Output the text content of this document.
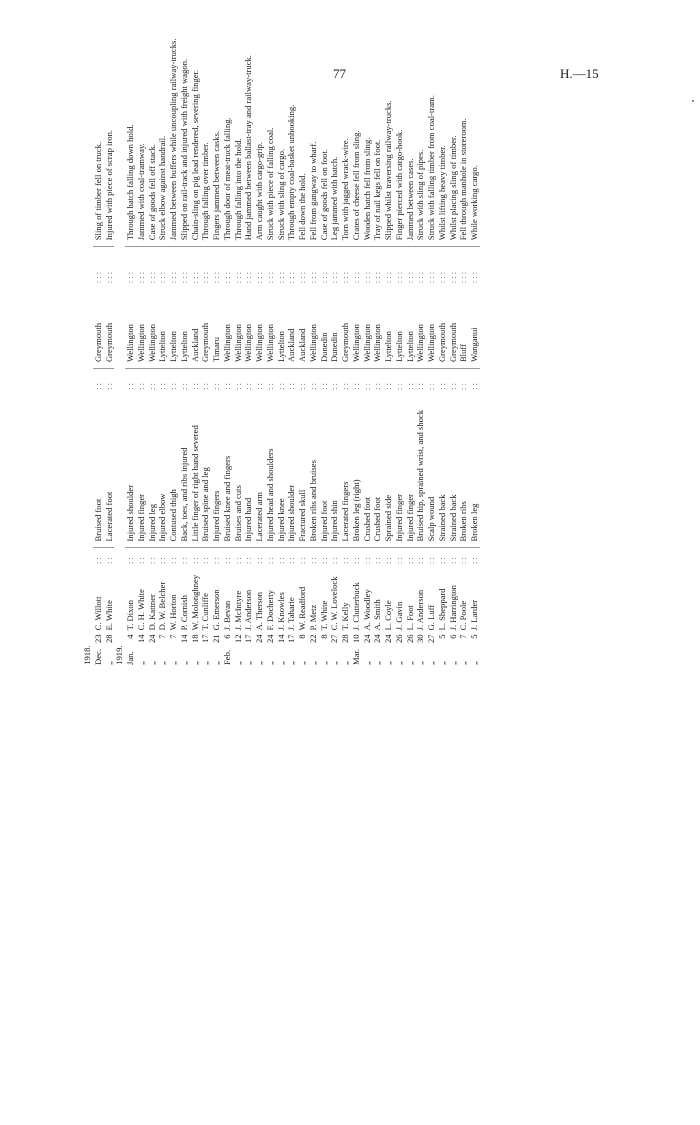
77	H.—15
1918.								
Dec.	23	C. Willott	: :	Bruised foot	: :	Greymouth	: : :	Sling of timber fell on truck.
„	28	E. White	: :	Lacerated foot	: :	Greymouth	: : :	Injured with piece of scrap iron.
1919.								
Jan.	4	T. Dixon	: :	Injured shoulder	: :	Wellington	: : :	Through hatch falling down hold.
„	14	C. H. White	: :	Injured finger	: :	Wellington	: : :	Jammed with coal-tramway.
„	24	D. Kattner	: :	Injured leg	: :	Wellington	: : :	Case of goods fell off stack.
„	7	D. W. Belcher	: :	Injured elbow	: :	Lyttelton	: : :	Struck elbow against handrail.
„	7	W. Horton	: :	Contused thigh	: :	Lyttelton	: : :	Jammed between buffers while uncoupling railway-trucks.
„	14	P. Cornish	: :	Back, toes, and ribs injured	: :	Lyttelton	: : :	Slipped on rail-track and injured with freight wagon.
„	18	W. Molonghney	: :	Little finger of right hand severed	: :	Auckland	: : :	Chain-sling on pig lead rendered, severing finger.
„	17	T. Cunliffe	: :	Bruised spine and leg	: :	Greymouth	: : :	Through falling over timber.
„	21	G. Emerson	: :	Injured fingers	: :	Timaru	: : :	Fingers jammed between casks.
Feb.	6	J. Bevan	: :	Bruised knee and fingers	: :	Wellington	: : :	Through door of meat-truck falling.
„	12	J. McIntyre	: :	Bruises and cuts	: :	Wellington	: : :	Through falling into the hold.
„	17	J. Anderson	: :	Injured hand	: :	Wellington	: : :	Hand jammed between ballast-tray and railway-truck.
„	24	A. Therson	: :	Lacerated arm	: :	Wellington	: : :	Arm caught with cargo-grip.
„	24	F. Docherty	: :	Injured head and shoulders	: :	Wellington	: : :	Struck with piece of falling coal.
„	14	J. Knowles	: :	Injured knee	: :	Lyttelton	: : :	Struck with sling of cargo.
„	17	J. Taharie	: :	Injured shoulder	: :	Auckland	: : :	Through empty coal-basket unhooking.
„	8	W. Readford	: :	Fractured skull	: :	Auckland	: : :	Fell down the hold.
„	22	P. Metz	: :	Broken ribs and bruises	: :	Wellington	: : :	Fell from gangway to wharf.
„	8	T. White	: :	Injured foot	: :	Dunedin	: : :	Case of goods fell on foot.
„	27	C. W. Lovelock	: :	Injured shin	: :	Dunedin	: : :	Leg jammed with hatch.
„	28	T. Kelly	: :	Lacerated fingers	: :	Greymouth	: : :	Torn with jagged wrack-wire.
Mar.	10	J. Clutterbuck	: :	Broken leg (right)	: :	Wellington	: : :	Crates of cheese fell from sling.
„	24	A. Woodley	: :	Crushed foot	: :	Wellington	: : :	Wooden hatch fell from sling.
„	24	A. Smith	: :	Crushed foot	: :	Wellington	: : :	Tray of nail kegs fell on foot.
„	24	L. Coyle	: :	Sprained side	: :	Lyttelton	: : :	Slipped whilst traversing railway-trucks.
„	26	J. Gavin	: :	Injured finger	: :	Lyttelton	: : :	Finger pierced with cargo-hook.
„	26	L. Foot	: :	Injured finger	: :	Lyttelton	: : :	Jammed between cases.
„	30	J. Anderson	: :	Bruised hip, sprained wrist, and shock	: :	Wellington	: : :	Struck with sling of pipes.
„	27	G. Luff	: :	Scalp wound	: :	Wellington	: : :	Struck with falling timber from coal-tram.
„	5	L. Sheppard	: :	Strained back	: :	Greymouth	: : :	Whilst lifting heavy timber.
„	6	J. Harrington	: :	Strained back	: :	Greymouth	: : :	Whilst placing sling of timber.
„	7	C. Poole	: :	Broken ribs	: :	Bluff	: : :	Fell through manhole in storeroom.
„	5	J. Larder	: :	Broken leg	: :	Wanganui	: : :	While working cargo.
